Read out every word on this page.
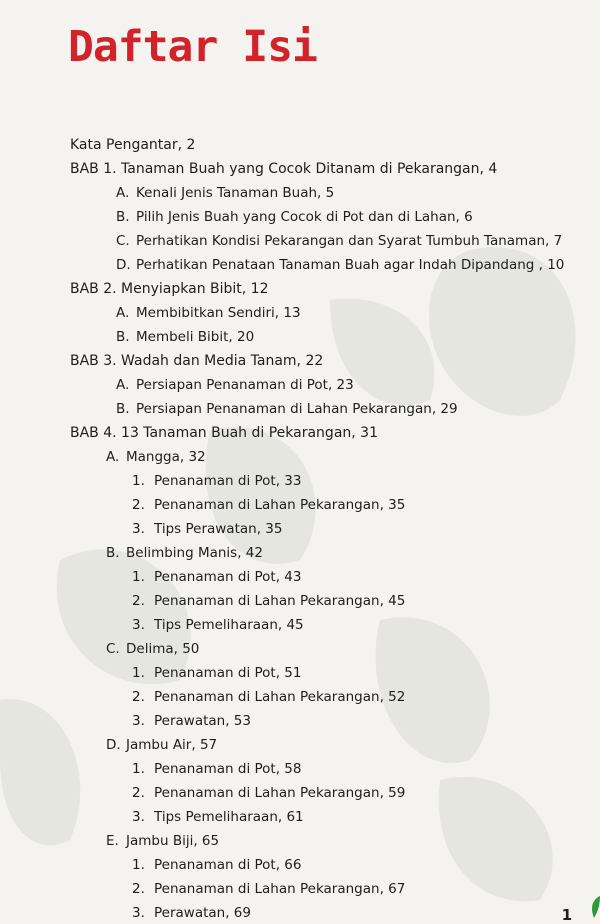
Daftar Isi
Kata Pengantar, 2
BAB 1. Tanaman Buah yang Cocok Ditanam di Pekarangan, 4
A. Kenali Jenis Tanaman Buah, 5
B. Pilih Jenis Buah yang Cocok di Pot dan di Lahan, 6
C. Perhatikan Kondisi Pekarangan dan Syarat Tumbuh Tanaman, 7
D. Perhatikan Penataan Tanaman Buah agar Indah Dipandang , 10
BAB 2. Menyiapkan Bibit, 12
A. Membibitkan Sendiri, 13
B. Membeli Bibit, 20
BAB 3. Wadah dan Media Tanam, 22
A. Persiapan Penanaman di Pot, 23
B. Persiapan Penanaman di Lahan Pekarangan, 29
BAB 4. 13 Tanaman Buah di Pekarangan, 31
A. Mangga, 32
1. Penanaman di Pot, 33
2. Penanaman di Lahan Pekarangan, 35
3. Tips Perawatan, 35
B. Belimbing Manis, 42
1. Penanaman di Pot, 43
2. Penanaman di Lahan Pekarangan, 45
3. Tips Pemeliharaan, 45
C. Delima, 50
1. Penanaman di Pot, 51
2. Penanaman di Lahan Pekarangan, 52
3. Perawatan, 53
D. Jambu Air, 57
1. Penanaman di Pot, 58
2. Penanaman di Lahan Pekarangan, 59
3. Tips Pemeliharaan, 61
E. Jambu Biji, 65
1. Penanaman di Pot, 66
2. Penanaman di Lahan Pekarangan, 67
3. Perawatan, 69	1
